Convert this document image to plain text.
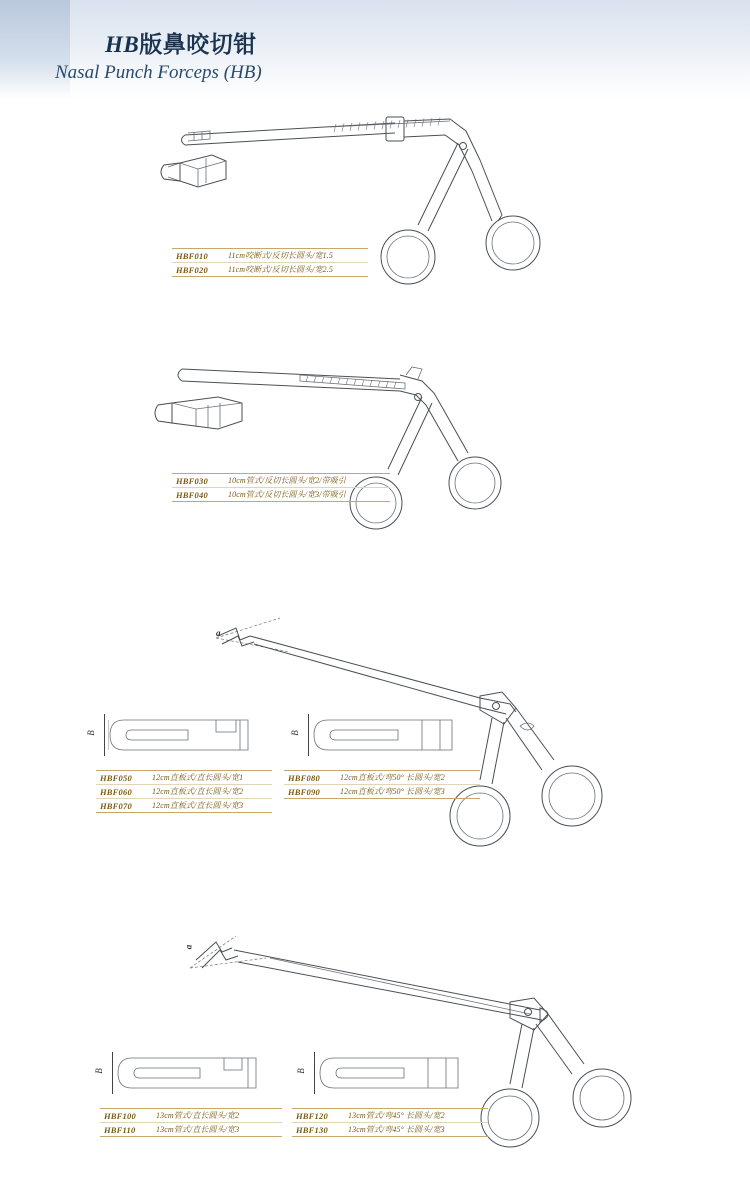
HB版鼻咬切钳
Nasal Punch Forceps (HB)
HBF010	11cm咬断式/反切长圆头/宽1.5
HBF020	11cm咬断式/反切长圆头/宽2.5
HBF030	10cm管式/反切长圆头/宽2/带吸引
HBF040	10cm管式/反切长圆头/宽3/带吸引
B	B
a
HBF050	12cm直板式/直长圆头/宽1
HBF060	12cm直板式/直长圆头/宽2
HBF070	12cm直板式/直长圆头/宽3
HBF080	12cm直板式/弯50° 长圆头/宽2
HBF090	12cm直板式/弯50° 长圆头/宽3
a
B	B
HBF100	13cm管式/直长圆头/宽2
HBF110	13cm管式/直长圆头/宽3
HBF120	13cm管式/弯45° 长圆头/宽2
HBF130	13cm管式/弯45° 长圆头/宽3
